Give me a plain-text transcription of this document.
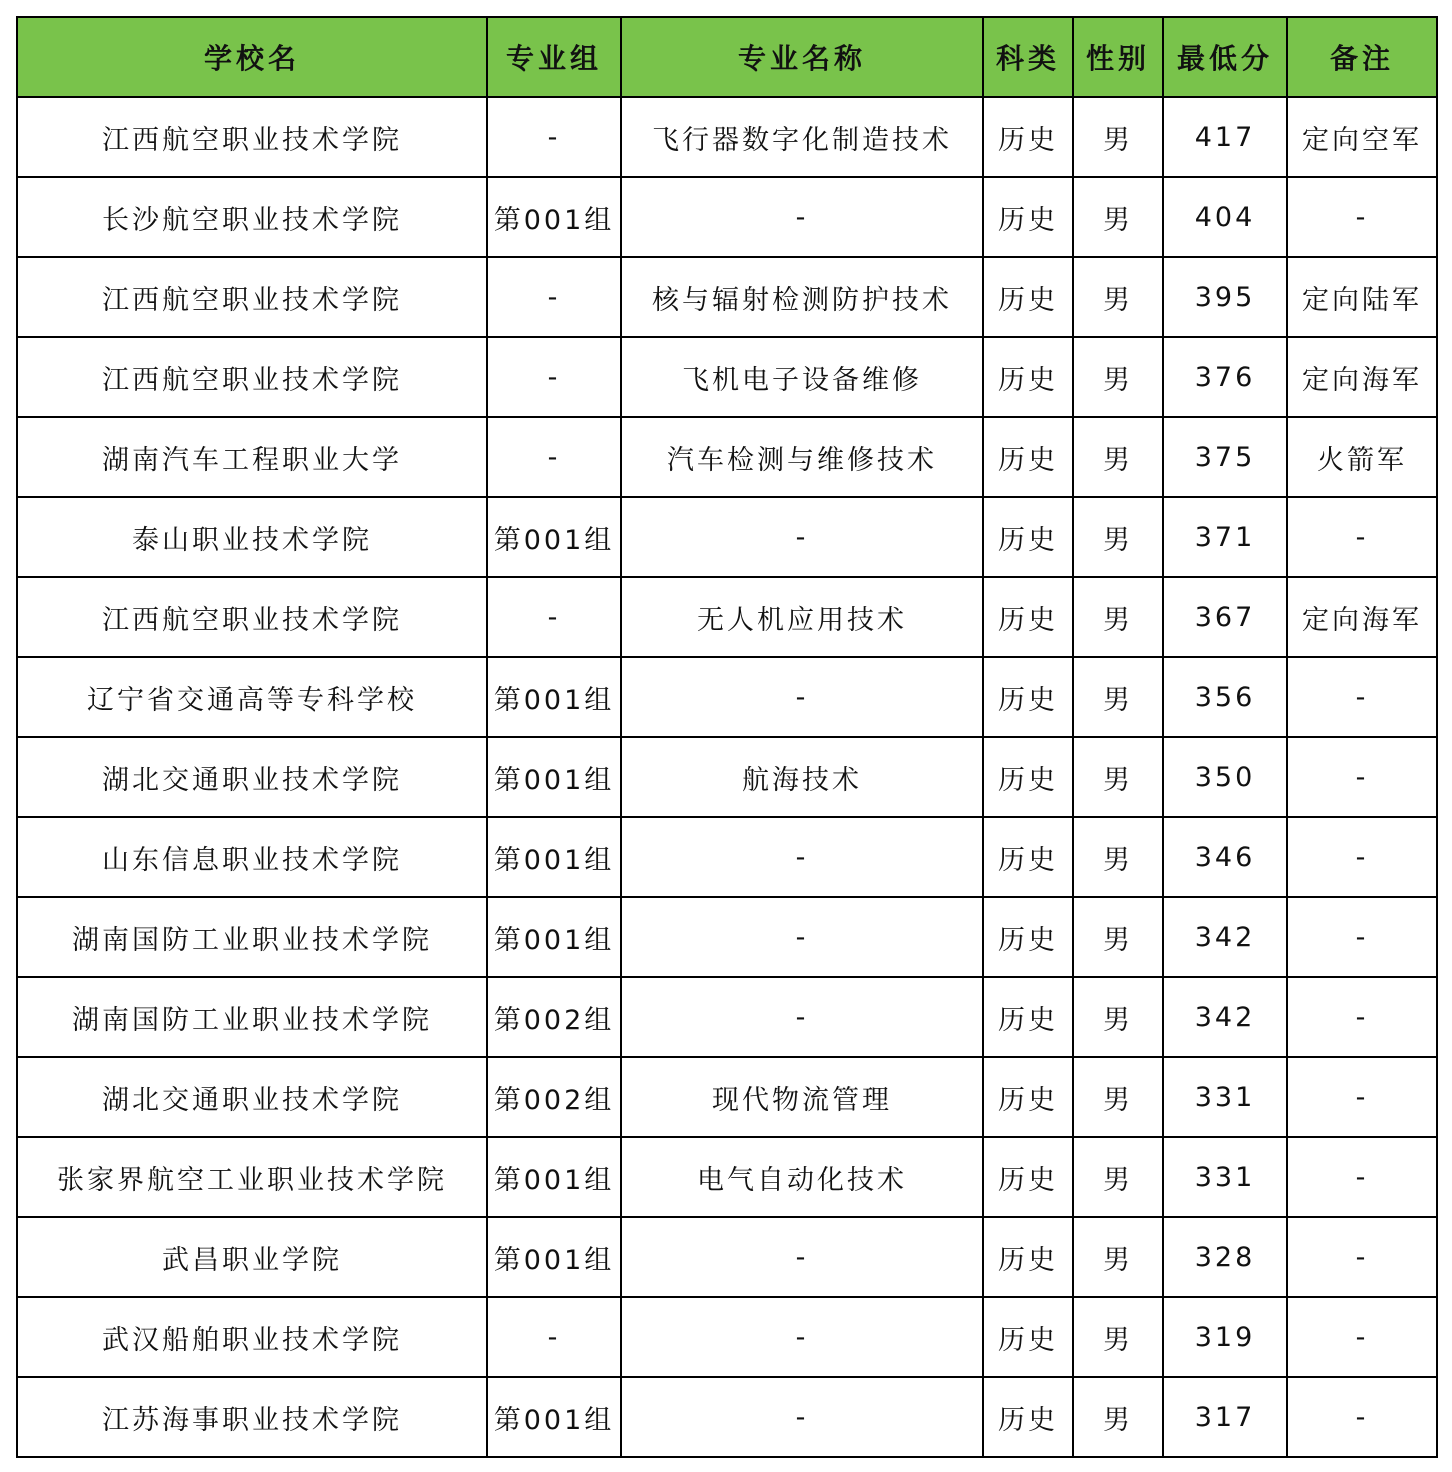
学校名	专业组	专业名称	科类	性别	最低分	备注
江西航空职业技术学院	-	飞行器数字化制造技术	历史	男	417	定向空军
长沙航空职业技术学院	第001组	-	历史	男	404	-
江西航空职业技术学院	-	核与辐射检测防护技术	历史	男	395	定向陆军
江西航空职业技术学院	-	飞机电子设备维修	历史	男	376	定向海军
湖南汽车工程职业大学	-	汽车检测与维修技术	历史	男	375	火箭军
泰山职业技术学院	第001组	-	历史	男	371	-
江西航空职业技术学院	-	无人机应用技术	历史	男	367	定向海军
辽宁省交通高等专科学校	第001组	-	历史	男	356	-
湖北交通职业技术学院	第001组	航海技术	历史	男	350	-
山东信息职业技术学院	第001组	-	历史	男	346	-
湖南国防工业职业技术学院	第001组	-	历史	男	342	-
湖南国防工业职业技术学院	第002组	-	历史	男	342	-
湖北交通职业技术学院	第002组	现代物流管理	历史	男	331	-
张家界航空工业职业技术学院	第001组	电气自动化技术	历史	男	331	-
武昌职业学院	第001组	-	历史	男	328	-
武汉船舶职业技术学院	-	-	历史	男	319	-
江苏海事职业技术学院	第001组	-	历史	男	317	-
